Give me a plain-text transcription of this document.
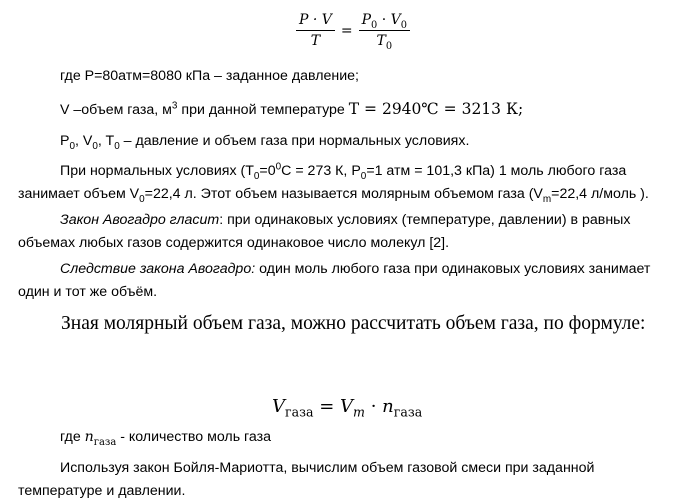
$\frac{P \cdot V}{T} = \frac{P_0 \cdot V_0}{T_0}$
где P=80атм=8080 кПа – заданное давление;
V –объем газа, $м^3$ при данной температуре T = 2940℃ = 3213 К;
$P_0$, $V_0$, $T_0$ – давление и объем газа при нормальных условиях.
При нормальных условиях ($T_0=0^0C = 273$ К, $P_0=1$ атм = 101,3 кПа) 1 моль любого газа занимает объем $V_0=22,4$ л. Этот объем называется молярным объемом газа ($V_m=22,4$ л/моль ).
Закон Авогадро гласит: при одинаковых условиях (температуре, давлении) в равных объемах любых газов содержится одинаковое число молекул [2].
Следствие закона Авогадро: один моль любого газа при одинаковых условиях занимает один и тот же объём.
Зная молярный объем газа, можно рассчитать объем газа, по формуле:
$V_{газа} = V_m \cdot n_{газа}$
где $n_{газа}$ - количество моль газа
Используя закон Бойля-Мариотта, вычислим объем газовой смеси при заданной температуре и давлении.
